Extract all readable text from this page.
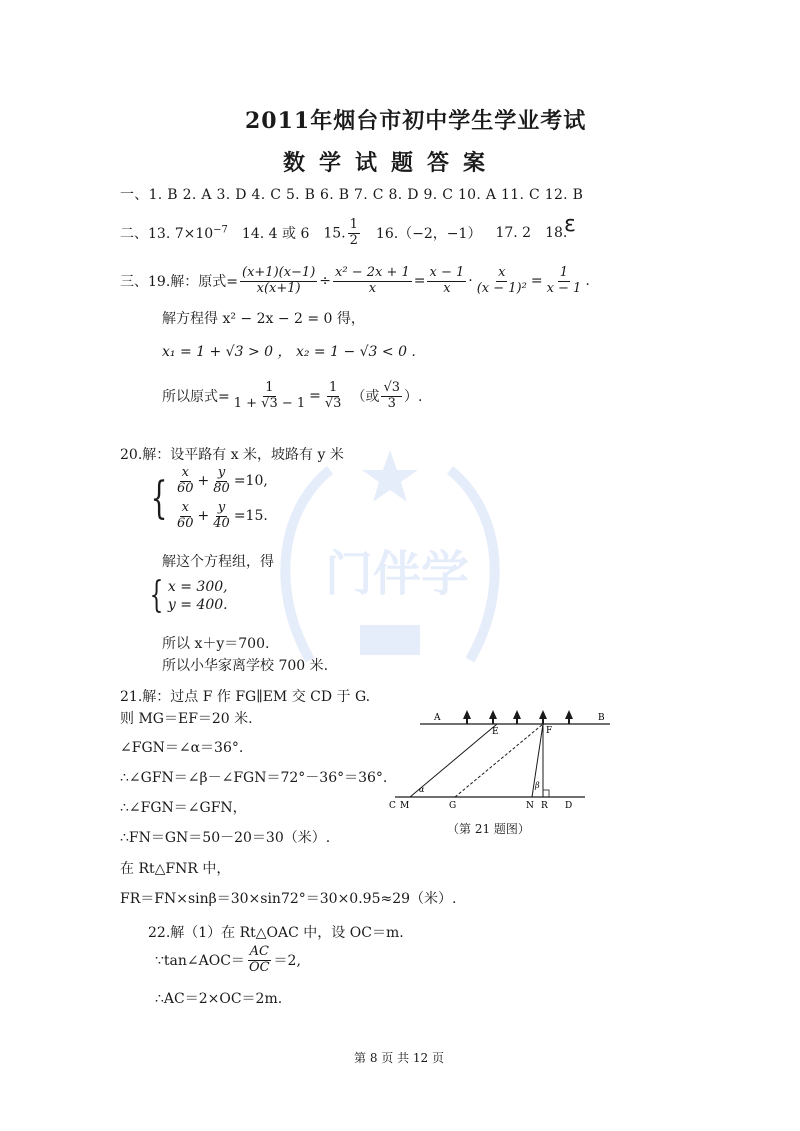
门伴学
2011年烟台市初中学生学业考试
数学试题答案
一、1. B 2. A 3. D 4. C 5. B 6. B 7. C 8. D 9. C 10. A 11. C 12. B
二、13. $7\times 10^{-7}$ 14. 4 或 6 15. $\frac{1}{2} 16.(-2$，−1） 17. 2 18.
ε
三、19.解：原式= $\frac{(x+1)(x-1)}{x(x+1)} \div \frac{\text{x² − 2x + 1}}{x} = \frac{x - 1}{x} \cdot \frac{x}{\text{(x − 1)²}} = \frac{1}{x - 1}$ .
解方程得 x² − 2x − 2 = 0 得，
x₁ = 1 + √3 > 0 ， x₂ = 1 − √3 < 0 .
所以原式= $\frac{1}{1 + √3 - 1} = \frac{1}{√3}$ （或 $\frac{√3}{3}$ ）.
20.解：设平路有 x 米，坡路有 y 米
{ $\frac{x}{60} + \frac{y}{80} =10$,
$\frac{x}{60} + \frac{y}{40} =15$.
解这个方程组，得
{ x = 300,
y = 400.
所以 x＋y＝700.
所以小华家离学校 700 米.
21.解：过点 F 作 FG∥EM 交 CD 于 G.
则 MG＝EF＝20 米.
∠FGN＝∠α＝36°.
∴∠GFN＝∠β－∠FGN＝72°－36°＝36°.
∴∠FGN＝∠GFN，
∴FN＝GN＝50－20＝30（米）.
在 Rt△FNR 中，
FR＝FN×sinβ＝30×sin72°＝30×0.95≈29（米）.
A	B
E	F
C M	G	N R D
α	β
（第 21 题图）
22.解（1）在 Rt△OAC 中，设 OC＝m.
∵tan∠AOC＝ $\frac{AC}{OC} =2$,
∴AC＝2×OC＝2m.
第 8 页 共 12 页
